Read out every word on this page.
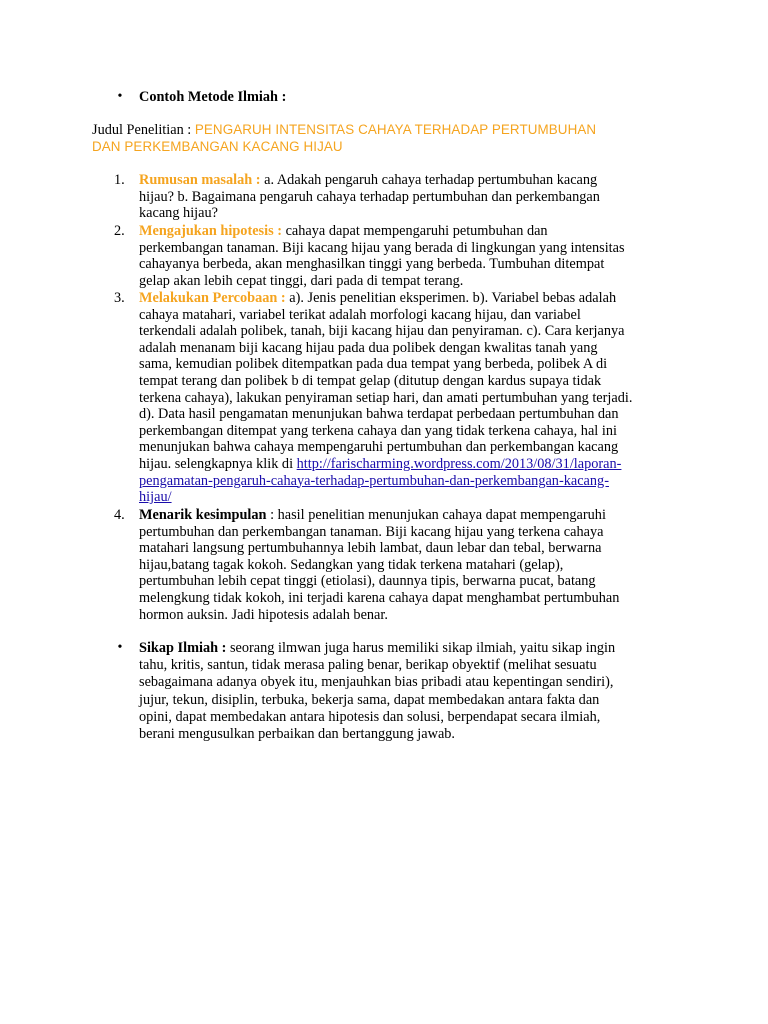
•	Contoh Metode Ilmiah :
Judul Penelitian : PENGARUH INTENSITAS CAHAYA TERHADAP PERTUMBUHAN
DAN PERKEMBANGAN KACANG HIJAU
1. Rumusan masalah : a. Adakah pengaruh cahaya terhadap pertumbuhan kacang
hijau? b. Bagaimana pengaruh cahaya terhadap pertumbuhan dan perkembangan
kacang hijau?
2. Mengajukan hipotesis : cahaya dapat mempengaruhi petumbuhan dan
perkembangan tanaman. Biji kacang hijau yang berada di lingkungan yang intensitas
cahayanya berbeda, akan menghasilkan tinggi yang berbeda. Tumbuhan ditempat
gelap akan lebih cepat tinggi, dari pada di tempat terang.
3. Melakukan Percobaan : a). Jenis penelitian eksperimen. b). Variabel bebas adalah
cahaya matahari, variabel terikat adalah morfologi kacang hijau, dan variabel
terkendali adalah polibek, tanah, biji kacang hijau dan penyiraman. c). Cara kerjanya
adalah menanam biji kacang hijau pada dua polibek dengan kwalitas tanah yang
sama, kemudian polibek ditempatkan pada dua tempat yang berbeda, polibek A di
tempat terang dan polibek b di tempat gelap (ditutup dengan kardus supaya tidak
terkena cahaya), lakukan penyiraman setiap hari, dan amati pertumbuhan yang terjadi.
d). Data hasil pengamatan menunjukan bahwa terdapat perbedaan pertumbuhan dan
perkembangan ditempat yang terkena cahaya dan yang tidak terkena cahaya, hal ini
menunjukan bahwa cahaya mempengaruhi pertumbuhan dan perkembangan kacang
hijau. selengkapnya klik di http://farischarming.wordpress.com/2013/08/31/laporan-
pengamatan-pengaruh-cahaya-terhadap-pertumbuhan-dan-perkembangan-kacang-
hijau/
4. Menarik kesimpulan : hasil penelitian menunjukan cahaya dapat mempengaruhi
pertumbuhan dan perkembangan tanaman. Biji kacang hijau yang terkena cahaya
matahari langsung pertumbuhannya lebih lambat, daun lebar dan tebal, berwarna
hijau,batang tagak kokoh. Sedangkan yang tidak terkena matahari (gelap),
pertumbuhan lebih cepat tinggi (etiolasi), daunnya tipis, berwarna pucat, batang
melengkung tidak kokoh, ini terjadi karena cahaya dapat menghambat pertumbuhan
hormon auksin. Jadi hipotesis adalah benar.
•	Sikap Ilmiah : seorang ilmwan juga harus memiliki sikap ilmiah, yaitu sikap ingin
tahu, kritis, santun, tidak merasa paling benar, berikap obyektif (melihat sesuatu
sebagaimana adanya obyek itu, menjauhkan bias pribadi atau kepentingan sendiri),
jujur, tekun, disiplin, terbuka, bekerja sama, dapat membedakan antara fakta dan
opini, dapat membedakan antara hipotesis dan solusi, berpendapat secara ilmiah,
berani mengusulkan perbaikan dan bertanggung jawab.
